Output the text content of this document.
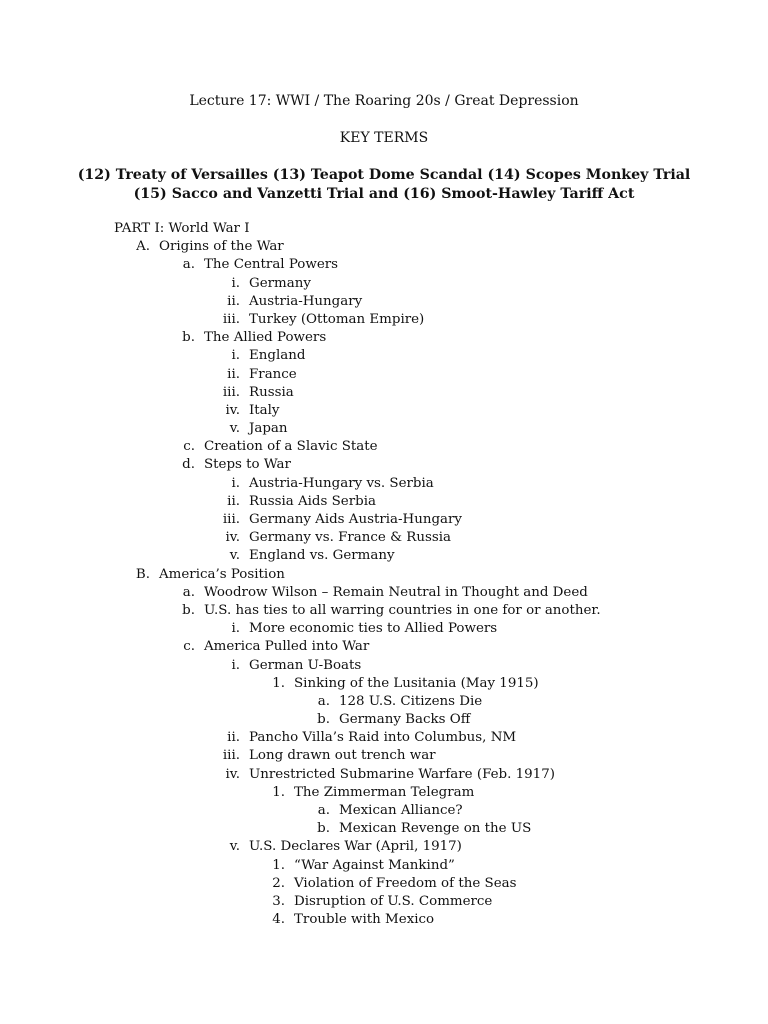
Lecture 17: WWI / The Roaring 20s / Great Depression
KEY TERMS
(12) Treaty of Versailles (13) Teapot Dome Scandal (14) Scopes Monkey Trial
(15) Sacco and Vanzetti Trial and (16) Smoot-Hawley Tariff Act
PART I: World War I
A. Origins of the War
a. The Central Powers
i. Germany
ii. Austria-Hungary
iii. Turkey (Ottoman Empire)
b. The Allied Powers
i. England
ii. France
iii. Russia
iv. Italy
v. Japan
c. Creation of a Slavic State
d. Steps to War
i. Austria-Hungary vs. Serbia
ii. Russia Aids Serbia
iii. Germany Aids Austria-Hungary
iv. Germany vs. France & Russia
v. England vs. Germany
B. America’s Position
a. Woodrow Wilson – Remain Neutral in Thought and Deed
b. U.S. has ties to all warring countries in one for or another.
i. More economic ties to Allied Powers
c. America Pulled into War
i. German U-Boats
1. Sinking of the Lusitania (May 1915)
a. 128 U.S. Citizens Die
b. Germany Backs Off
ii. Pancho Villa’s Raid into Columbus, NM
iii. Long drawn out trench war
iv. Unrestricted Submarine Warfare (Feb. 1917)
1. The Zimmerman Telegram
a. Mexican Alliance?
b. Mexican Revenge on the US
v. U.S. Declares War (April, 1917)
1. “War Against Mankind”
2. Violation of Freedom of the Seas
3. Disruption of U.S. Commerce
4. Trouble with Mexico
